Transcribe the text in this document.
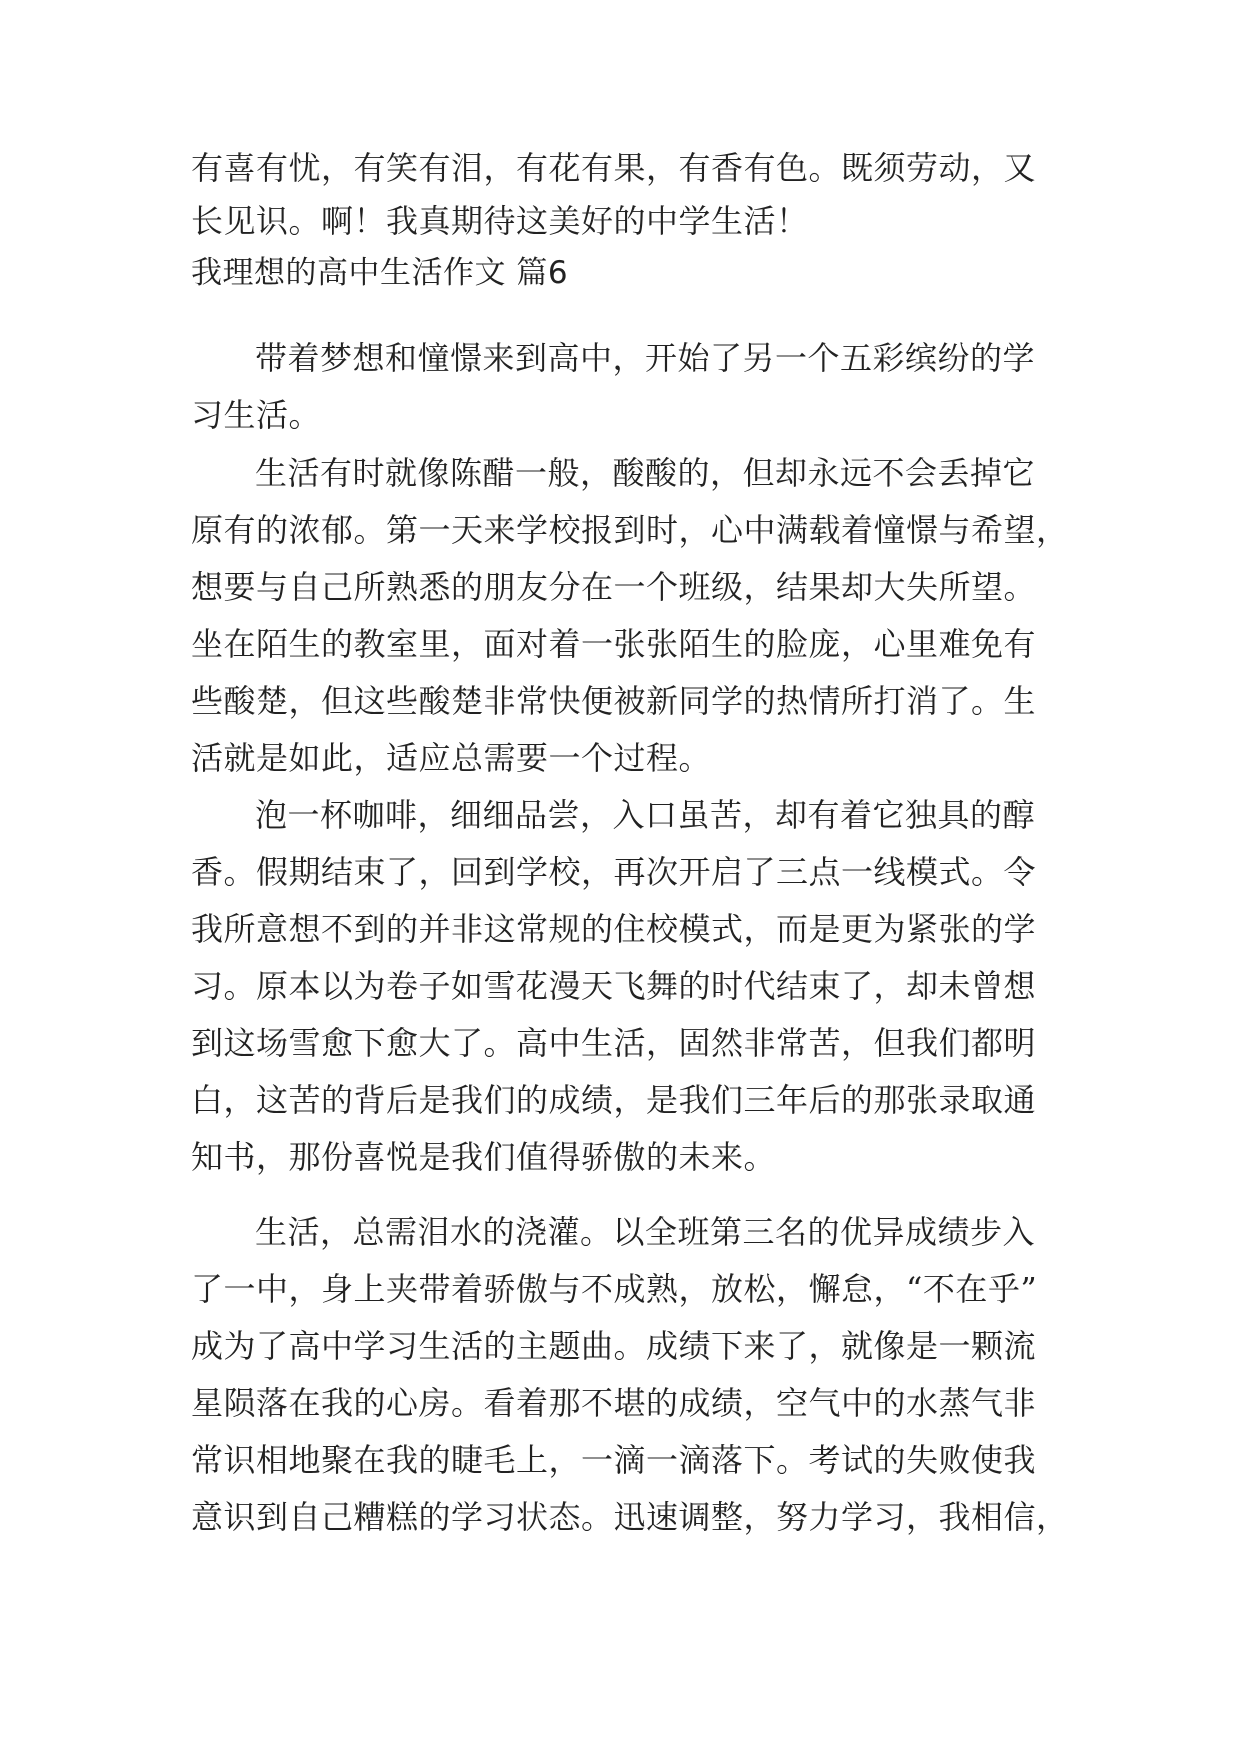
有喜有忧，有笑有泪，有花有果，有香有色。既须劳动，又
长见识。啊！我真期待这美好的中学生活！
我理想的高中生活作文 篇6
带着梦想和憧憬来到高中，开始了另一个五彩缤纷的学
习生活。
生活有时就像陈醋一般，酸酸的，但却永远不会丢掉它
原有的浓郁。第一天来学校报到时，心中满载着憧憬与希望，
想要与自己所熟悉的朋友分在一个班级，结果却大失所望。
坐在陌生的教室里，面对着一张张陌生的脸庞，心里难免有
些酸楚，但这些酸楚非常快便被新同学的热情所打消了。生
活就是如此，适应总需要一个过程。
泡一杯咖啡，细细品尝，入口虽苦，却有着它独具的醇
香。假期结束了，回到学校，再次开启了三点一线模式。令
我所意想不到的并非这常规的住校模式，而是更为紧张的学
习。原本以为卷子如雪花漫天飞舞的时代结束了，却未曾想
到这场雪愈下愈大了。高中生活，固然非常苦，但我们都明
白，这苦的背后是我们的成绩，是我们三年后的那张录取通
知书，那份喜悦是我们值得骄傲的未来。
生活，总需泪水的浇灌。以全班第三名的优异成绩步入
了一中，身上夹带着骄傲与不成熟，放松，懈怠，“不在乎”
成为了高中学习生活的主题曲。成绩下来了，就像是一颗流
星陨落在我的心房。看着那不堪的成绩，空气中的水蒸气非
常识相地聚在我的睫毛上，一滴一滴落下。考试的失败使我
意识到自己糟糕的学习状态。迅速调整，努力学习，我相信，
